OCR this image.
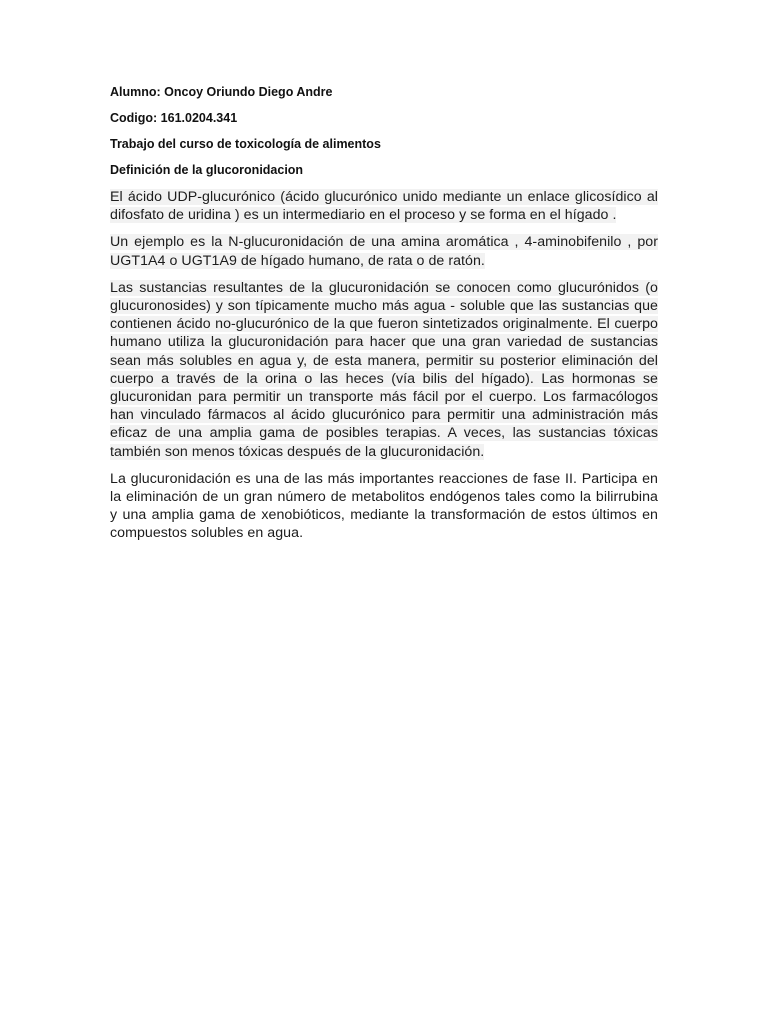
Alumno: Oncoy Oriundo Diego Andre
Codigo: 161.0204.341
Trabajo del curso de toxicología de alimentos
Definición de la glucoronidacion

El ácido UDP-glucurónico (ácido glucurónico unido mediante un enlace glicosídico al difosfato de uridina ) es un intermediario en el proceso y se forma en el hígado .

Un ejemplo es la N-glucuronidación de una amina aromática , 4-aminobifenilo , por UGT1A4 o UGT1A9 de hígado humano, de rata o de ratón.

Las sustancias resultantes de la glucuronidación se conocen como glucurónidos (o glucuronosides) y son típicamente mucho más agua - soluble que las sustancias que contienen ácido no-glucurónico de la que fueron sintetizados originalmente. El cuerpo humano utiliza la glucuronidación para hacer que una gran variedad de sustancias sean más solubles en agua y, de esta manera, permitir su posterior eliminación del cuerpo a través de la orina o las heces (vía bilis del hígado). Las hormonas se glucuronidan para permitir un transporte más fácil por el cuerpo. Los farmacólogos han vinculado fármacos al ácido glucurónico para permitir una administración más eficaz de una amplia gama de posibles terapias. A veces, las sustancias tóxicas también son menos tóxicas después de la glucuronidación.

La glucuronidación es una de las más importantes reacciones de fase II. Participa en la eliminación de un gran número de metabolitos endógenos tales como la bilirrubina y una amplia gama de xenobióticos, mediante la transformación de estos últimos en compuestos solubles en agua.
